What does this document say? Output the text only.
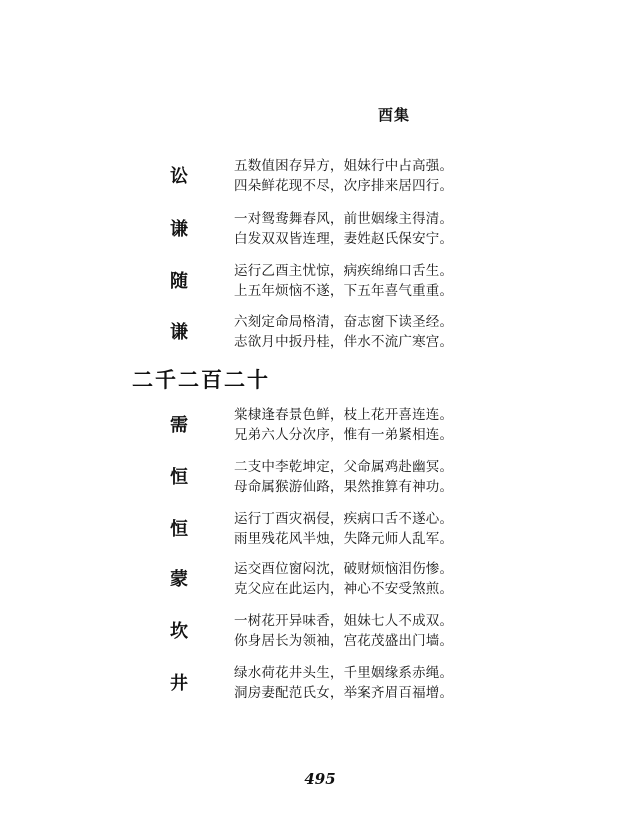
酉集
讼	五数值困存异方，姐妹行中占高强。
四朵鲜花现不尽，次序排来居四行。
谦	一对鸳鸯舞春风，前世姻缘主得清。
白发双双皆连理，妻姓赵氏保安宁。
随	运行乙酉主忧惊，病疾绵绵口舌生。
上五年烦恼不遂，下五年喜气重重。
谦	六刻定命局格清，奋志窗下读圣经。
志欲月中扳丹桂，伴水不流广寒宫。
二千二百二十
需	棠棣逢春景色鲜，枝上花开喜连连。
兄弟六人分次序，惟有一弟紧相连。
恒	二支中李乾坤定，父命属鸡赴幽冥。
母命属猴游仙路，果然推算有神功。
恒	运行丁酉灾祸侵，疾病口舌不遂心。
雨里残花风半烛，失降元师人乱军。
蒙	运交酉位窗闷沈，破财烦恼泪伤惨。
克父应在此运内，神心不安受煞煎。
坎	一树花开异味香，姐妹七人不成双。
你身居长为领袖，宫花茂盛出门墙。
井	绿水荷花井头生，千里姻缘系赤绳。
洞房妻配范氏女，举案齐眉百福增。
495
